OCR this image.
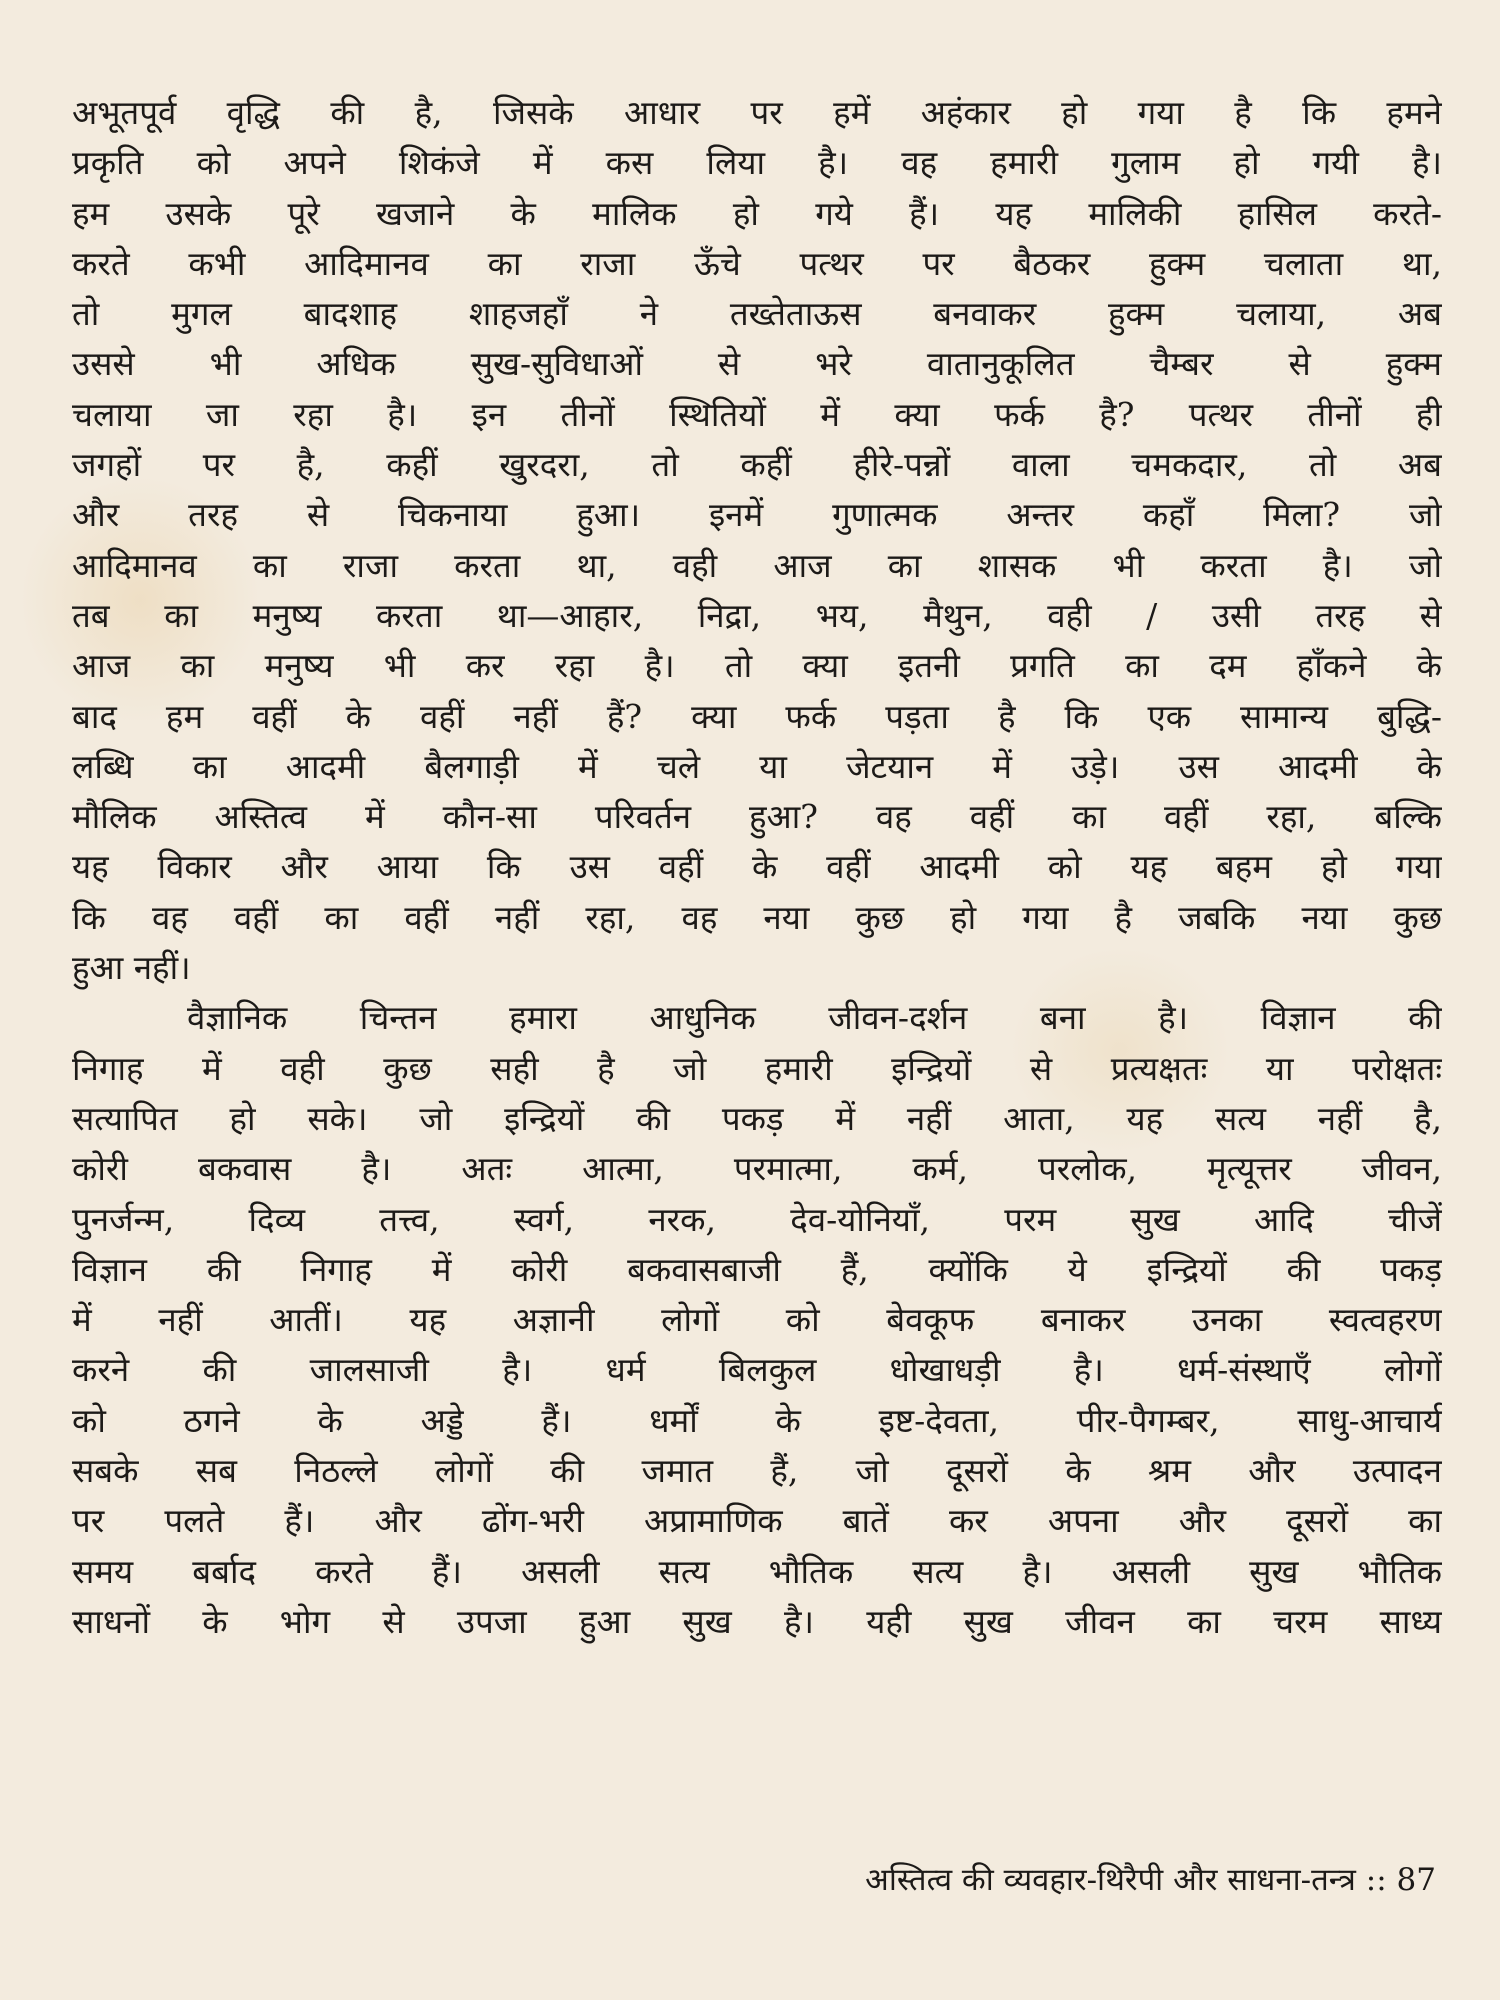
अभूतपूर्व वृद्धि की है, जिसके आधार पर हमें अहंकार हो गया है कि हमने
प्रकृति को अपने शिकंजे में कस लिया है। वह हमारी गुलाम हो गयी है।
हम उसके पूरे खजाने के मालिक हो गये हैं। यह मालिकी हासिल करते-
करते कभी आदिमानव का राजा ऊँचे पत्थर पर बैठकर हुक्म चलाता था,
तो मुगल बादशाह शाहजहाँ ने तख्तेताऊस बनवाकर हुक्म चलाया, अब
उससे भी अधिक सुख-सुविधाओं से भरे वातानुकूलित चैम्बर से हुक्म
चलाया जा रहा है। इन तीनों स्थितियों में क्या फर्क है? पत्थर तीनों ही
जगहों पर है, कहीं खुरदरा, तो कहीं हीरे-पन्नों वाला चमकदार, तो अब
और तरह से चिकनाया हुआ। इनमें गुणात्मक अन्तर कहाँ मिला? जो
आदिमानव का राजा करता था, वही आज का शासक भी करता है। जो
तब का मनुष्य करता था—आहार, निद्रा, भय, मैथुन, वही / उसी तरह से
आज का मनुष्य भी कर रहा है। तो क्या इतनी प्रगति का दम हाँकने के
बाद हम वहीं के वहीं नहीं हैं? क्या फर्क पड़ता है कि एक सामान्य बुद्धि-
लब्धि का आदमी बैलगाड़ी में चले या जेटयान में उड़े। उस आदमी के
मौलिक अस्तित्व में कौन-सा परिवर्तन हुआ? वह वहीं का वहीं रहा, बल्कि
यह विकार और आया कि उस वहीं के वहीं आदमी को यह बहम हो गया
कि वह वहीं का वहीं नहीं रहा, वह नया कुछ हो गया है जबकि नया कुछ
हुआ नहीं।
वैज्ञानिक चिन्तन हमारा आधुनिक जीवन-दर्शन बना है। विज्ञान की
निगाह में वही कुछ सही है जो हमारी इन्द्रियों से प्रत्यक्षतः या परोक्षतः
सत्यापित हो सके। जो इन्द्रियों की पकड़ में नहीं आता, यह सत्य नहीं है,
कोरी बकवास है। अतः आत्मा, परमात्मा, कर्म, परलोक, मृत्यूत्तर जीवन,
पुनर्जन्म, दिव्य तत्त्व, स्वर्ग, नरक, देव-योनियाँ, परम सुख आदि चीजें
विज्ञान की निगाह में कोरी बकवासबाजी हैं, क्योंकि ये इन्द्रियों की पकड़
में नहीं आतीं। यह अज्ञानी लोगों को बेवकूफ बनाकर उनका स्वत्वहरण
करने की जालसाजी है। धर्म बिलकुल धोखाधड़ी है। धर्म-संस्थाएँ लोगों
को ठगने के अड्डे हैं। धर्मों के इष्ट-देवता, पीर-पैगम्बर, साधु-आचार्य
सबके सब निठल्ले लोगों की जमात हैं, जो दूसरों के श्रम और उत्पादन
पर पलते हैं। और ढोंग-भरी अप्रामाणिक बातें कर अपना और दूसरों का
समय बर्बाद करते हैं। असली सत्य भौतिक सत्य है। असली सुख भौतिक
साधनों के भोग से उपजा हुआ सुख है। यही सुख जीवन का चरम साध्य
अस्तित्व की व्यवहार-थिरैपी और साधना-तन्त्र :: 87
